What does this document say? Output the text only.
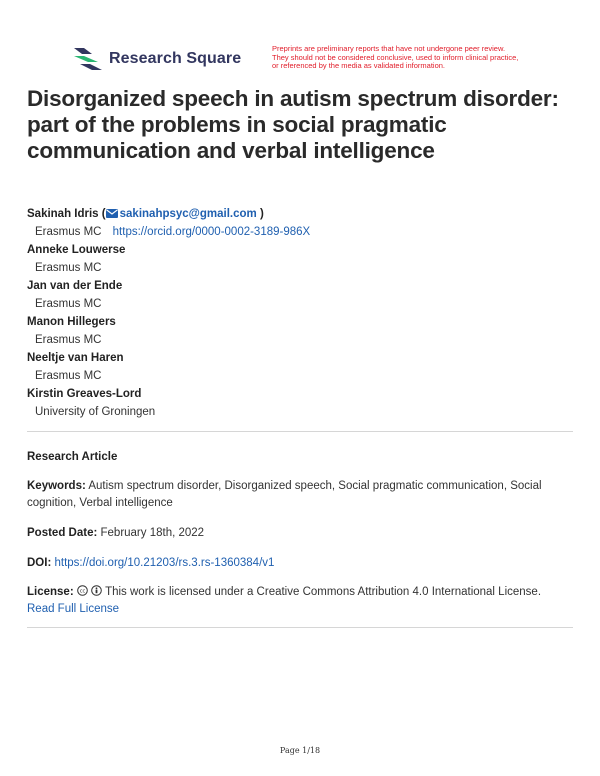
Research Square
Preprints are preliminary reports that have not undergone peer review.
They should not be considered conclusive, used to inform clinical practice,
or referenced by the media as validated information.
Disorganized speech in autism spectrum disorder: part of the problems in social pragmatic communication and verbal intelligence
Sakinah Idris ( sakinahpsyc@gmail.com )
Erasmus MC https://orcid.org/0000-0002-3189-986X
Anneke Louwerse
Erasmus MC
Jan van der Ende
Erasmus MC
Manon Hillegers
Erasmus MC
Neeltje van Haren
Erasmus MC
Kirstin Greaves-Lord
University of Groningen
Research Article
Keywords: Autism spectrum disorder, Disorganized speech, Social pragmatic communication, Social cognition, Verbal intelligence
Posted Date: February 18th, 2022
DOI: https://doi.org/10.21203/rs.3.rs-1360384/v1
License: cc This work is licensed under a Creative Commons Attribution 4.0 International License.
Read Full License
Page 1/18
